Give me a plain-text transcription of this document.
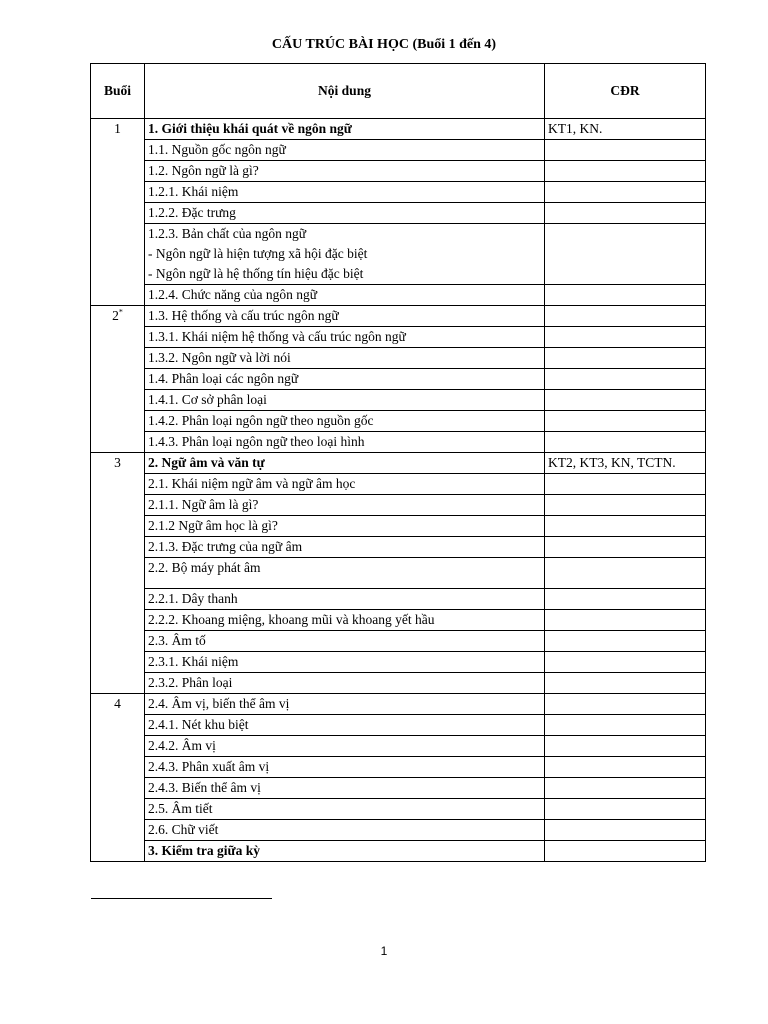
CẤU TRÚC BÀI HỌC (Buổi 1 đến 4)
Buổi	Nội dung	CĐR
1	1. Giới thiệu khái quát về ngôn ngữ	KT1, KN.

	1.1. Nguồn gốc ngôn ngữ	

	1.2. Ngôn ngữ là gì?	

	1.2.1. Khái niệm	

	1.2.2. Đặc trưng	

	1.2.3. Bản chất của ngôn ngữ
- Ngôn ngữ là hiện tượng xã hội đặc biệt
- Ngôn ngữ là hệ thống tín hiệu đặc biệt	

	1.2.4. Chức năng của ngôn ngữ	

2*	1.3. Hệ thống và cấu trúc ngôn ngữ	

	1.3.1. Khái niệm hệ thống và cấu trúc ngôn ngữ	

	1.3.2. Ngôn ngữ và lời nói	

	1.4. Phân loại các ngôn ngữ	

	1.4.1. Cơ sở phân loại	

	1.4.2. Phân loại ngôn ngữ theo nguồn gốc	

	1.4.3. Phân loại ngôn ngữ theo loại hình	

3	2. Ngữ âm và văn tự	KT2, KT3, KN, TCTN.

	2.1. Khái niệm ngữ âm và ngữ âm học	

	2.1.1. Ngữ âm là gì?	

	2.1.2 Ngữ âm học là gì?	

	2.1.3. Đặc trưng của ngữ âm	

	2.2. Bộ máy phát âm	

	2.2.1. Dây thanh	

	2.2.2. Khoang miệng, khoang mũi và khoang yết hầu	

	2.3. Âm tố	

	2.3.1. Khái niệm	

	2.3.2. Phân loại	

4	2.4. Âm vị, biến thể âm vị	

	2.4.1. Nét khu biệt	

	2.4.2. Âm vị	

	2.4.3. Phân xuất âm vị	

	2.4.3. Biến thể âm vị	

	2.5. Âm tiết	

	2.6. Chữ viết	

	3. Kiểm tra giữa kỳ	

1
